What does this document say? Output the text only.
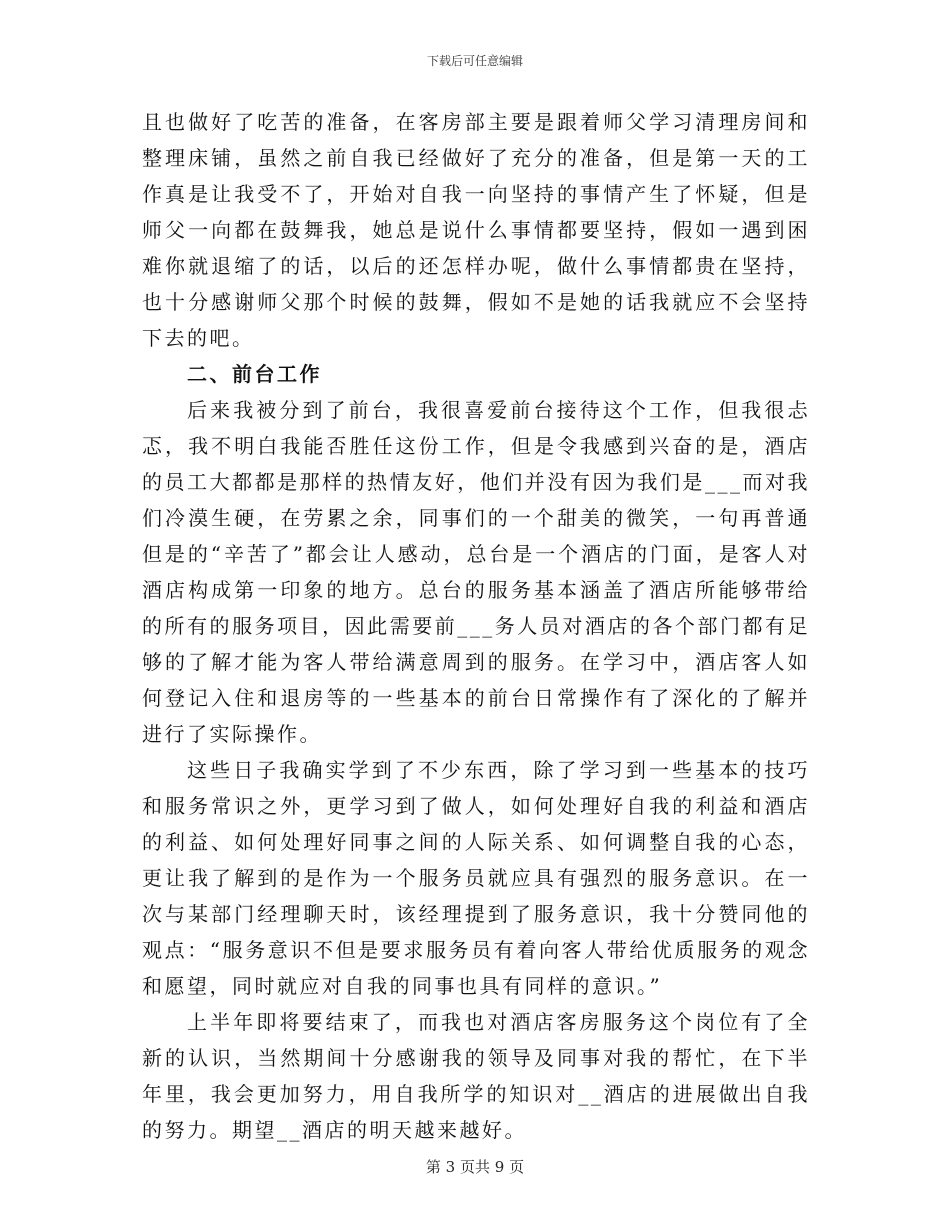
下载后可任意编辑

且也做好了吃苦的准备，在客房部主要是跟着师父学习清理房间和整理床铺，虽然之前自我已经做好了充分的准备，但是第一天的工作真是让我受不了，开始对自我一向坚持的事情产生了怀疑，但是师父一向都在鼓舞我，她总是说什么事情都要坚持，假如一遇到困难你就退缩了的话，以后的还怎样办呢，做什么事情都贵在坚持，也十分感谢师父那个时候的鼓舞，假如不是她的话我就应不会坚持下去的吧。

二、前台工作

后来我被分到了前台，我很喜爱前台接待这个工作，但我很忐忑，我不明白我能否胜任这份工作，但是令我感到兴奋的是，酒店的员工大都都是那样的热情友好，他们并没有因为我们是___而对我们冷漠生硬，在劳累之余，同事们的一个甜美的微笑，一句再普通但是的“辛苦了”都会让人感动，总台是一个酒店的门面，是客人对酒店构成第一印象的地方。总台的服务基本涵盖了酒店所能够带给的所有的服务项目，因此需要前___务人员对酒店的各个部门都有足够的了解才能为客人带给满意周到的服务。在学习中，酒店客人如何登记入住和退房等的一些基本的前台日常操作有了深化的了解并进行了实际操作。

这些日子我确实学到了不少东西，除了学习到一些基本的技巧和服务常识之外，更学习到了做人，如何处理好自我的利益和酒店的利益、如何处理好同事之间的人际关系、如何调整自我的心态，更让我了解到的是作为一个服务员就应具有强烈的服务意识。在一次与某部门经理聊天时，该经理提到了服务意识，我十分赞同他的观点：“服务意识不但是要求服务员有着向客人带给优质服务的观念和愿望，同时就应对自我的同事也具有同样的意识。”

上半年即将要结束了，而我也对酒店客房服务这个岗位有了全新的认识，当然期间十分感谢我的领导及同事对我的帮忙，在下半年里，我会更加努力，用自我所学的知识对__酒店的进展做出自我的努力。期望__酒店的明天越来越好。

第 3 页共 9 页
